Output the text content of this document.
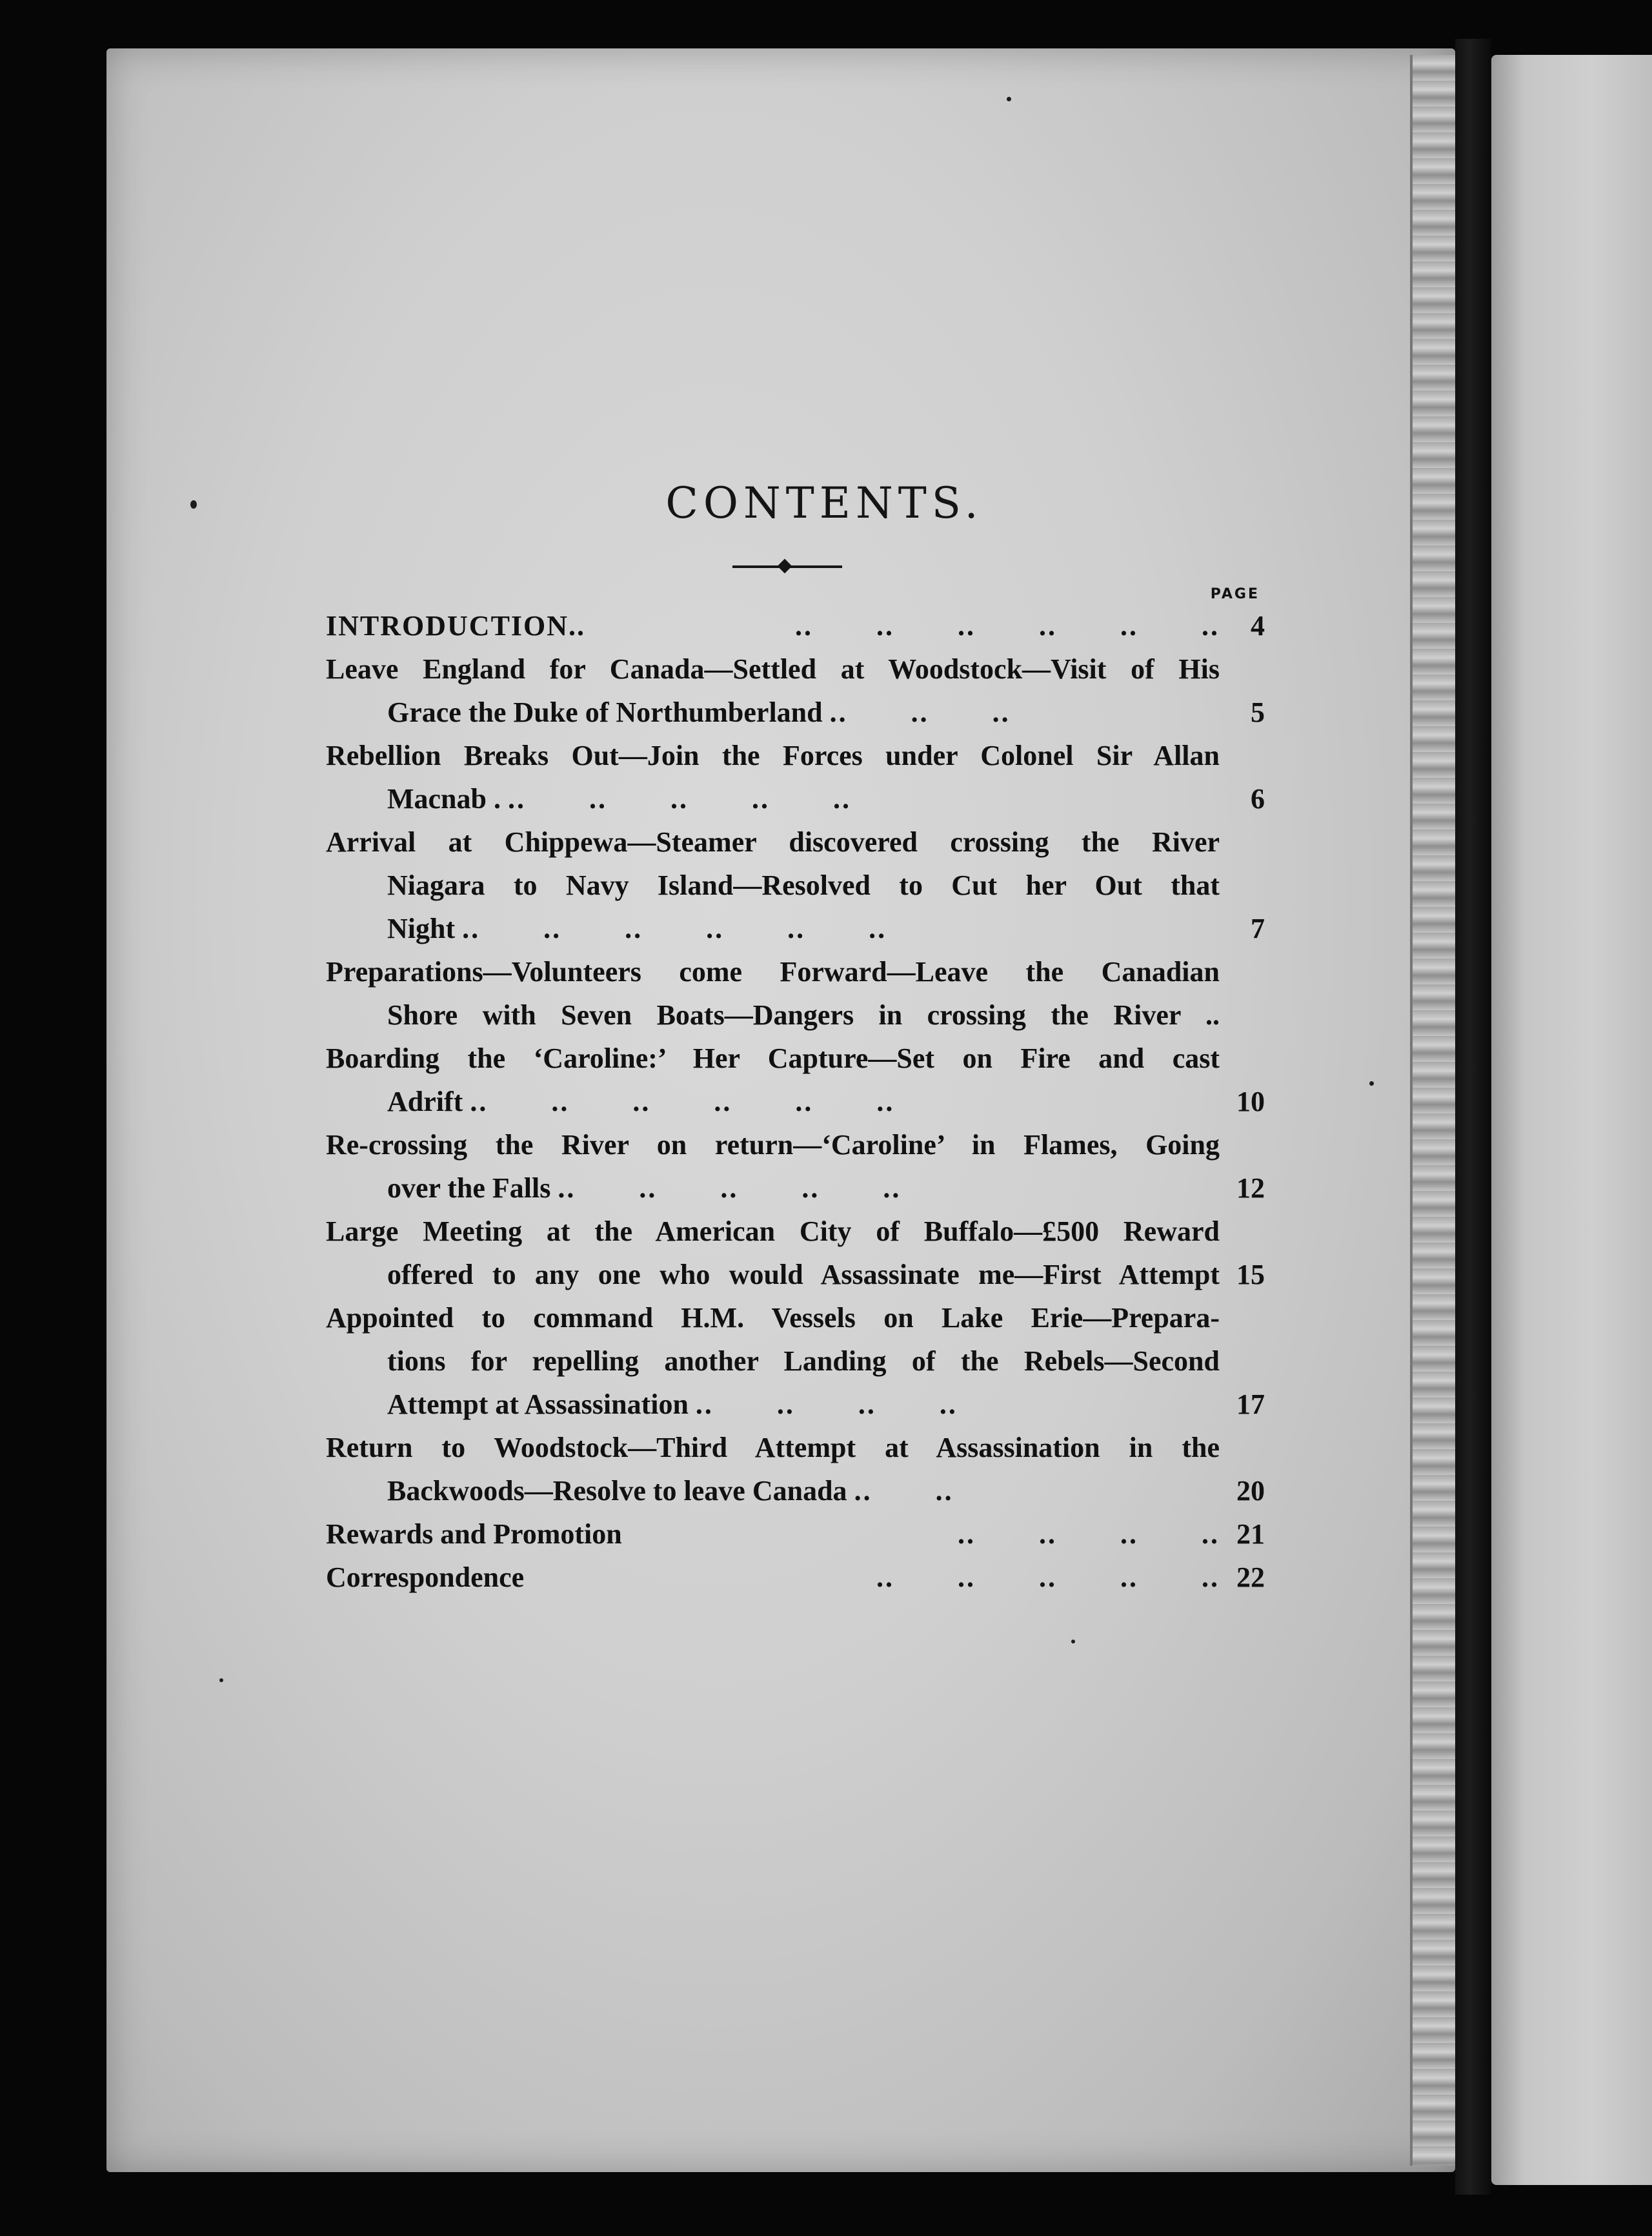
CONTENTS.
PAGE
INTRODUCTION..	..       ..       ..       ..       ..       ..	4
Leave England for Canada—Settled at Woodstock—Visit of His
Grace the Duke of Northumberland ..       ..       ..	5
Rebellion Breaks Out—Join the Forces under Colonel Sir Allan
Macnab . ..       ..       ..       ..       ..	6
Arrival at Chippewa—Steamer discovered crossing the River
Niagara to Navy Island—Resolved to Cut her Out that
Night ..       ..       ..       ..       ..       ..	7
Preparations—Volunteers come Forward—Leave the Canadian
Shore with Seven Boats—Dangers in crossing the River ..
Boarding the ‘Caroline:’ Her Capture—Set on Fire and cast
Adrift ..       ..       ..       ..       ..       ..	10
Re-crossing the River on return—‘Caroline’ in Flames, Going
over the Falls ..       ..       ..       ..       ..	12
Large Meeting at the American City of Buffalo—£500 Reward
offered to any one who would Assassinate me—First Attempt 15
Appointed to command H.M. Vessels on Lake Erie—Prepara-
tions for repelling another Landing of the Rebels—Second
Attempt at Assassination ..       ..       ..       ..	17
Return to Woodstock—Third Attempt at Assassination in the
Backwoods—Resolve to leave Canada ..       ..	20
Rewards and Promotion	..       ..       ..       .. 21
Correspondence	..       ..       ..       ..       .. 22
